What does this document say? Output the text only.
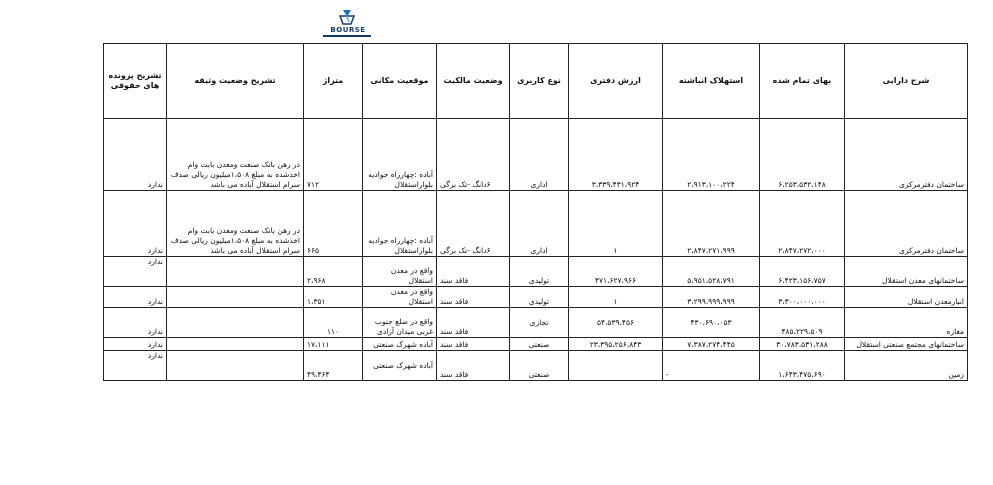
BOURSE
شرح دارایی	بهای تمام شده	استهلاک انباشته	ارزش دفتری	نوع کاربری	وضعیت مالکیت	موقعیت مکانی	متراژ	تشریح وضعیت وثیقه	تشریح پرونده های حقوقی
ساختمان دفترمرکزی	۶،۲۵۳،۵۳۲،۱۴۸	۲،۹۱۳،۱۰۰،۲۲۴	۳،۳۳۹،۴۳۱،۹۲۴	اداری	۶دانگ -تک برگی	آباده :چهارراه جوادیه بلواراستقلال	۷۱۲	در رهن بانک صنعت ومعدن بابت وام اخذشده به مبلغ ۱،۵۰۸میلیون ریالی صدف سرام استقلال آباده می باشد	ندارد
ساختمان دفترمرکزی	۲،۸۴۷،۲۷۲،۰۰۰	۲،۸۴۷،۲۷۱،۹۹۹	۱	اداری	۶دانگ -تک برگی	آباده :چهارراه جوادیه بلواراستقلال	۶۶۵	در رهن بانک صنعت ومعدن بابت وام اخذشده به مبلغ ۱،۵۰۸میلیون ریالی صدف سرام استقلال آباده می باشد	ندارد
ساختمانهای معدن استقلال	۶،۴۲۳،۱۵۶،۷۵۷	۵،۹۵۱،۵۲۸،۷۹۱	۴۷۱،۶۲۷،۹۶۶	تولیدی	فاقد سند	واقع در معدن استقلال	۲،۹۶۸		ندارد
انبارمعدن استقلال	۳،۳۰۰،۰۰۰،۰۰۰	۳،۲۹۹،۹۹۹،۹۹۹	۱	تولیدی	فاقد سند	واقع در معدن استقلال	۱،۳۵۱		ندارد
مغازه	۴۸۵،۲۲۹،۵۰۹	۴۳۰،۶۹۰،۰۵۳	۵۴،۵۳۹،۴۵۶	تجاری	فاقد سند	واقع در ضلع جنوب غربی میدان آزادی	۱۱۰		ندارد
ساختمانهای مجتمع صنعتی استقلال	۳۰،۷۸۳،۵۳۱،۲۸۸	۷،۳۸۷،۲۷۴،۴۴۵	۲۳،۳۹۵،۲۵۶،۸۴۳	صنعتی	فاقد سند	آباده شهرک صنعتی	۱۷،۱۱۱		ندارد
زمین	۱،۶۴۳،۴۷۵،۶۹۰	-		صنعتی	فاقد سند	آباده شهرک صنعتی	۴۹،۴۶۴		ندارد
